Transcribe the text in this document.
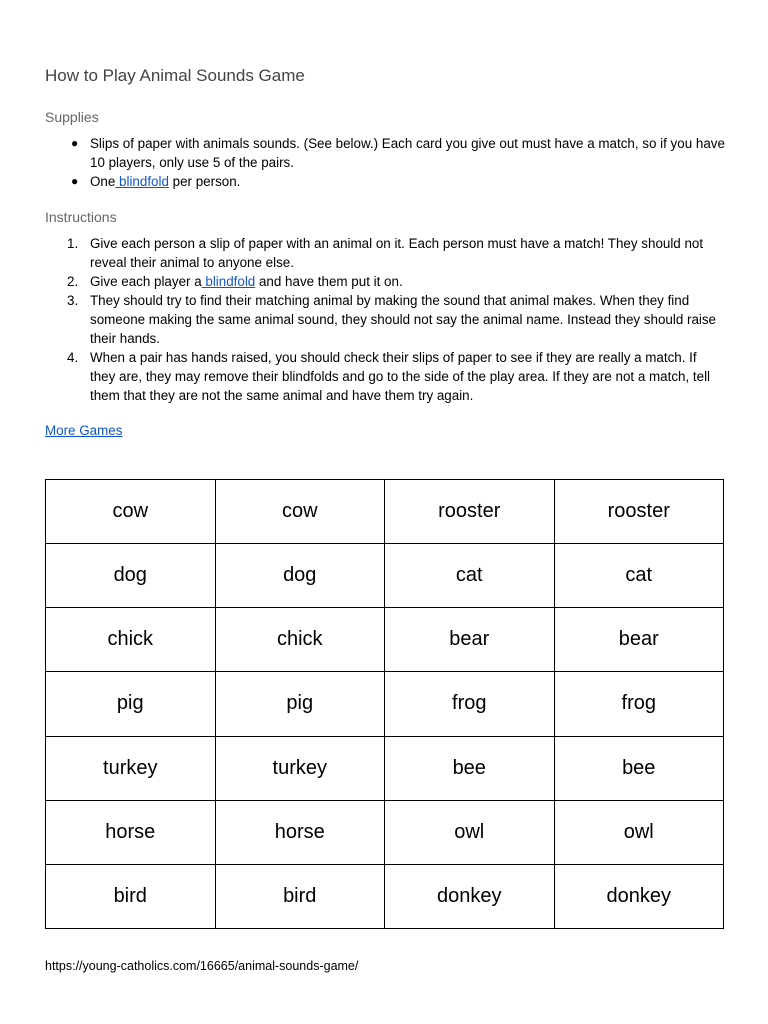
How to Play Animal Sounds Game
Supplies
● Slips of paper with animals sounds. (See below.) Each card you give out must have a match, so if you have 10 players, only use 5 of the pairs.
● One blindfold per person.
Instructions
1. Give each person a slip of paper with an animal on it. Each person must have a match! They should not reveal their animal to anyone else.
2. Give each player a blindfold and have them put it on.
3. They should try to find their matching animal by making the sound that animal makes. When they find someone making the same animal sound, they should not say the animal name. Instead they should raise their hands.
4. When a pair has hands raised, you should check their slips of paper to see if they are really a match. If they are, they may remove their blindfolds and go to the side of the play area. If they are not a match, tell them that they are not the same animal and have them try again.
More Games
cow	cow	rooster	rooster
dog	dog	cat	cat
chick	chick	bear	bear
pig	pig	frog	frog
turkey	turkey	bee	bee
horse	horse	owl	owl
bird	bird	donkey	donkey
https://young-catholics.com/16665/animal-sounds-game/
